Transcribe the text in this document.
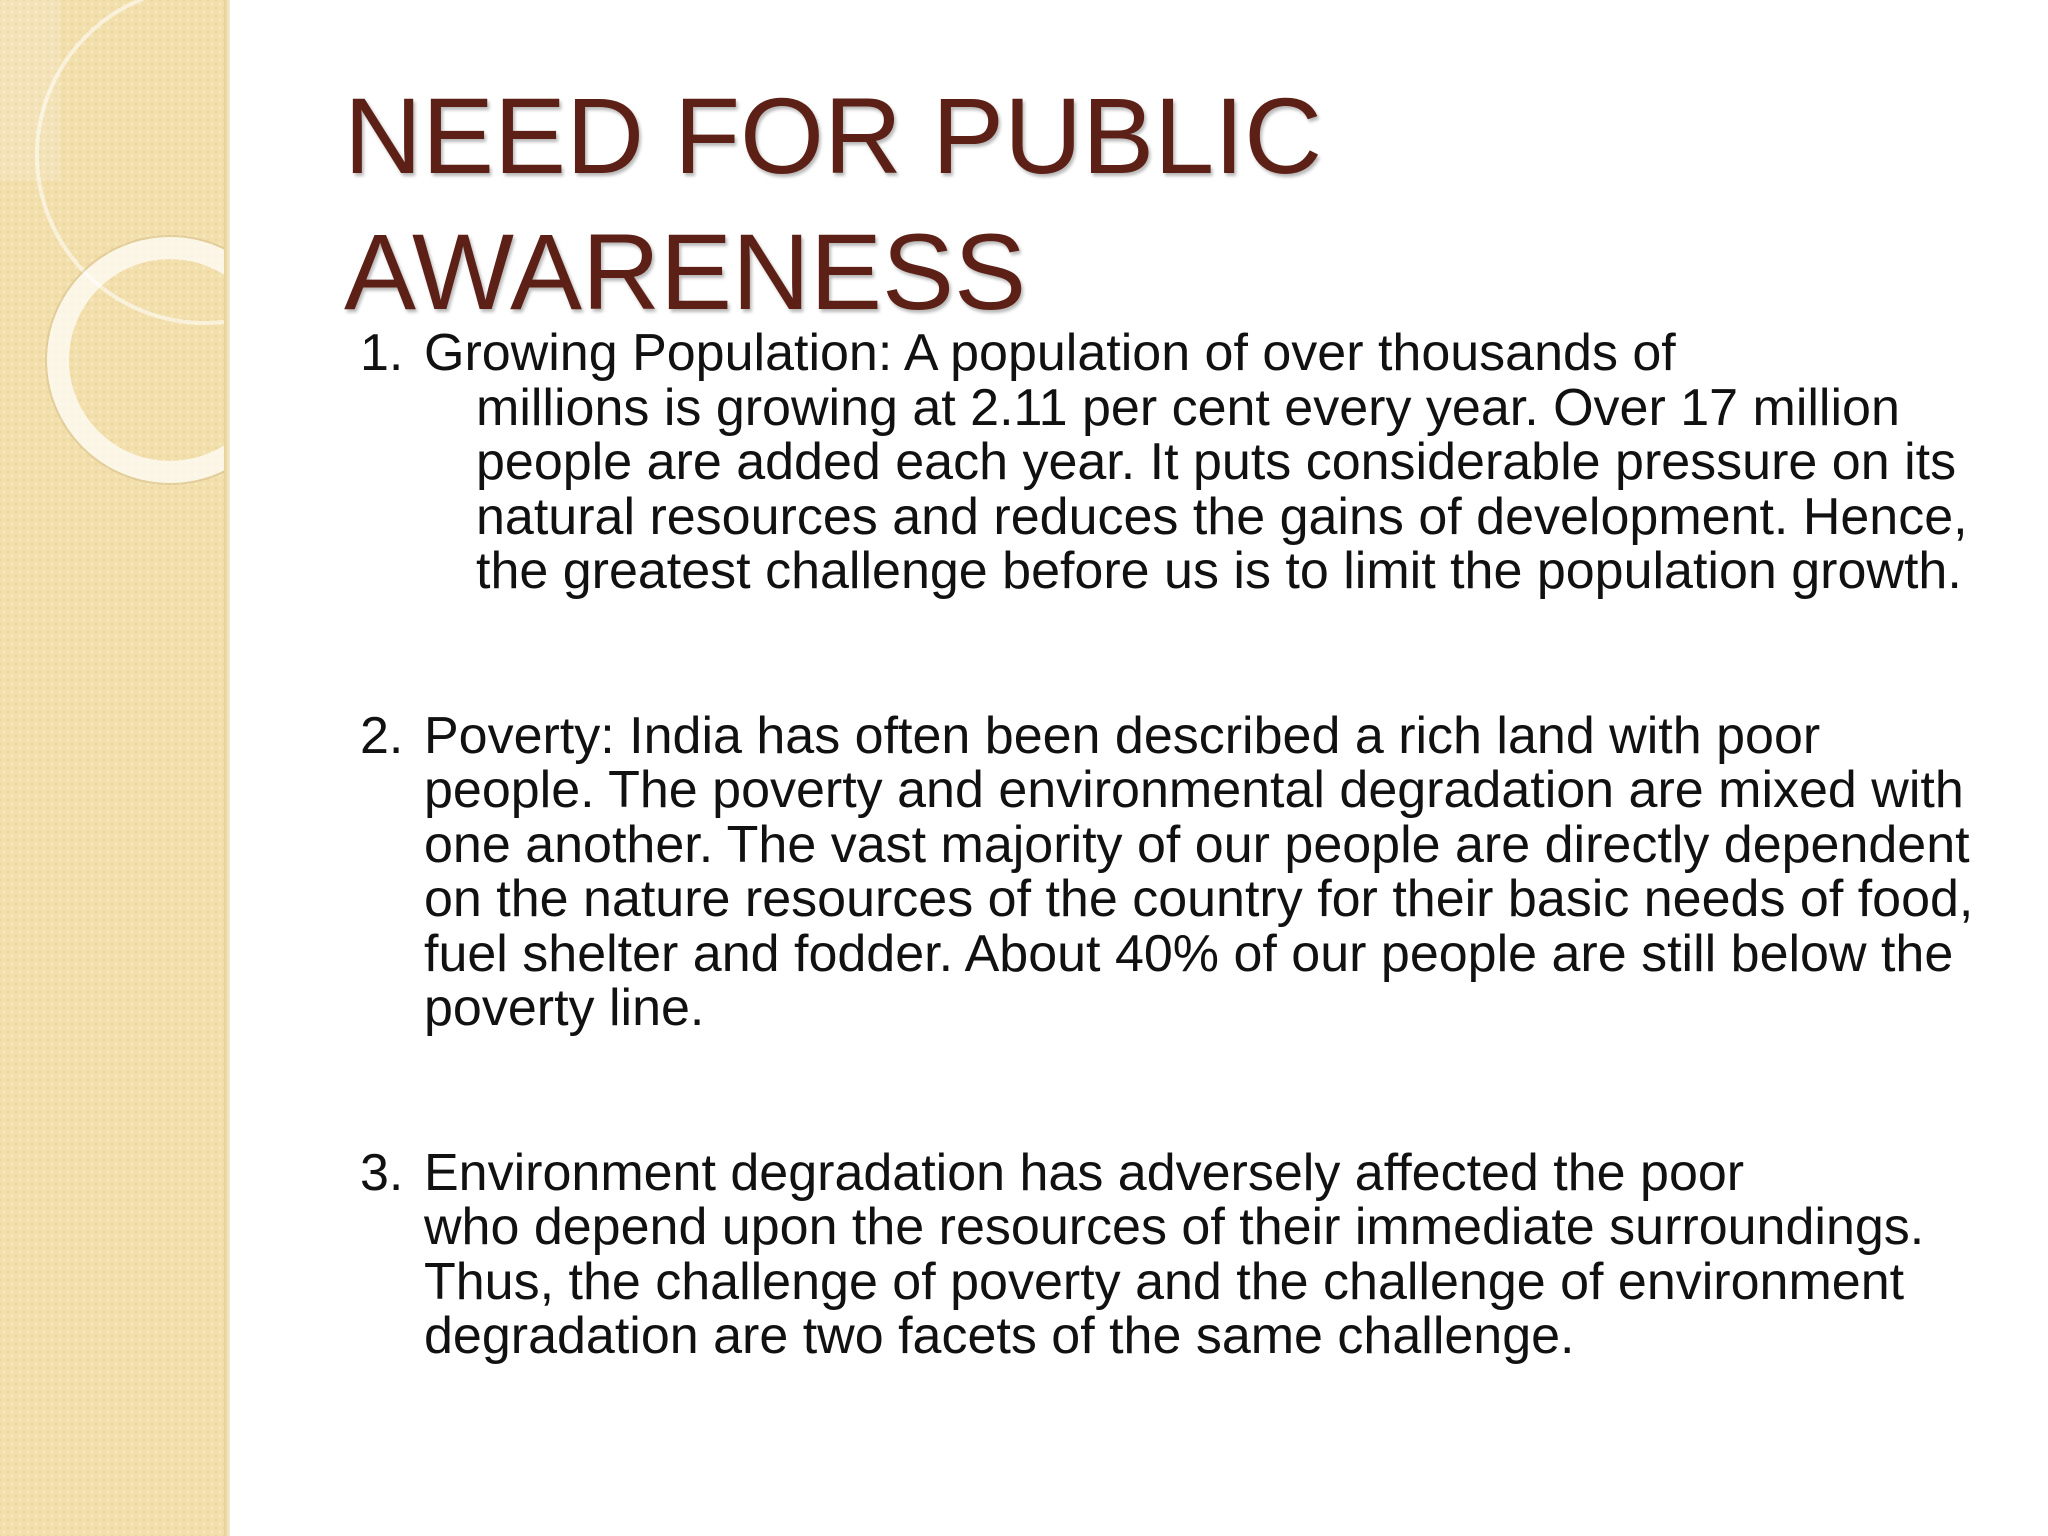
NEED FOR PUBLIC
AWARENESS
1. Growing Population: A population of over thousands of
millions is growing at 2.11 per cent every year. Over 17 million people are added each year. It puts considerable pressure on its natural resources and reduces the gains of development. Hence, the greatest challenge before us is to limit the population growth.
2. Poverty: India has often been described a rich land with poor
people. The poverty and environmental degradation are mixed with one another. The vast majority of our people are directly dependent on the nature resources of the country for their basic needs of food, fuel shelter and fodder. About 40% of our people are still below the poverty line.
3. Environment degradation has adversely affected the poor
who depend upon the resources of their immediate surroundings. Thus, the challenge of poverty and the challenge of environment degradation are two facets of the same challenge.
